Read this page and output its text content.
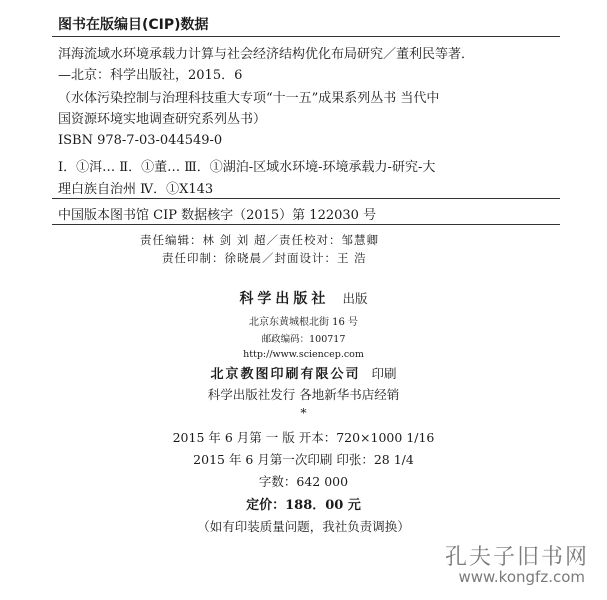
图书在版编目(CIP)数据
洱海流域水环境承载力计算与社会经济结构优化布局研究／董利民等著．
—北京：科学出版社，2015．6
（水体污染控制与治理科技重大专项“十一五”成果系列丛书 当代中
国资源环境实地调查研究系列丛书）
ISBN 978-7-03-044549-0
Ⅰ．①洱… Ⅱ．①董… Ⅲ．①湖泊-区域水环境-环境承载力-研究-大
理白族自治州 Ⅳ．①X143
中国版本图书馆 CIP 数据核字（2015）第 122030 号
责任编辑：林 剑 刘 超／责任校对：邹慧卿
责任印制：徐晓晨／封面设计：王 浩
科学出版社 出版
北京东黄城根北街 16 号
邮政编码：100717
http://www.sciencep.com
北京教图印刷有限公司 印刷
科学出版社发行 各地新华书店经销
*
2015 年 6 月第 一 版 开本：720×1000 1/16
2015 年 6 月第一次印刷 印张：28 1/4
字数：642 000
定价：188．00 元
（如有印装质量问题，我社负责调换）
孔夫子旧书网
www.kongfz.com
